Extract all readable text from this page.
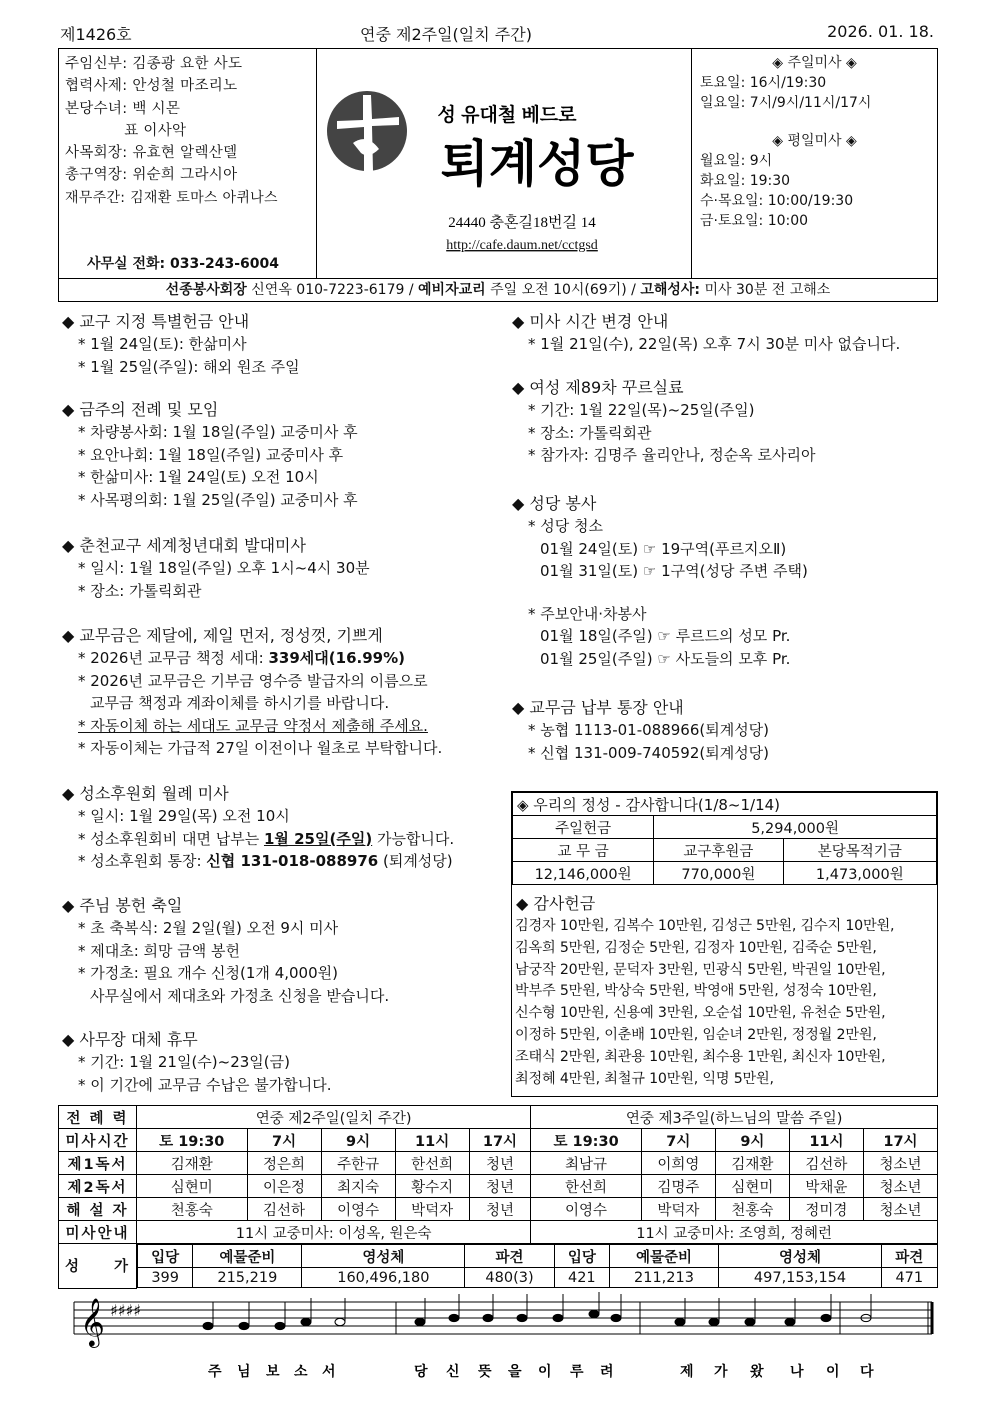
제1426호	연중 제2주일(일치 주간)	2026. 01. 18.
주임신부: 김종광 요한 사도
협력사제: 안성철 마조리노
본당수녀: 백 시몬
　　　　표 이사악
사목회장: 유효현 알렉산델
총구역장: 위순희 그라시아
재무주간: 김재환 토마스 아퀴나스
사무실 전화: 033-243-6004
성 유대철 베드로
퇴계성당
24440 충혼길18번길 14
http://cafe.daum.net/cctgsd
◈ 주일미사 ◈
토요일: 16시/19:30
일요일: 7시/9시/11시/17시
◈ 평일미사 ◈
월요일: 9시
화요일: 19:30
수·목요일: 10:00/19:30
금·토요일: 10:00
선종봉사회장 신연옥 010-7223-6179 / 예비자교리 주일 오전 10시(69기) / 고해성사: 미사 30분 전 고해소
◆ 교구 지정 특별헌금 안내

* 1월 24일(토): 한삶미사

* 1월 25일(주일): 해외 원조 주일

◆ 금주의 전례 및 모임

* 차량봉사회: 1월 18일(주일) 교중미사 후

* 요안나회: 1월 18일(주일) 교중미사 후

* 한삶미사: 1월 24일(토) 오전 10시

* 사목평의회: 1월 25일(주일) 교중미사 후

◆ 춘천교구 세계청년대회 발대미사

* 일시: 1월 18일(주일) 오후 1시~4시 30분

* 장소: 가톨릭회관

◆ 교무금은 제달에, 제일 먼저, 정성껏, 기쁘게

* 2026년 교무금 책정 세대: 339세대(16.99%)

* 2026년 교무금은 기부금 영수증 발급자의 이름으로

교무금 책정과 계좌이체를 하시기를 바랍니다.

* 자동이체 하는 세대도 교무금 약정서 제출해 주세요.

* 자동이체는 가급적 27일 이전이나 월초로 부탁합니다.

◆ 성소후원회 월례 미사

* 일시: 1월 29일(목) 오전 10시

* 성소후원회비 대면 납부는 1월 25일(주일) 가능합니다.

* 성소후원회 통장: 신협 131-018-088976 (퇴계성당)

◆ 주님 봉헌 축일

* 초 축복식: 2월 2일(월) 오전 9시 미사

* 제대초: 희망 금액 봉헌

* 가정초: 필요 개수 신청(1개 4,000원)

사무실에서 제대초와 가정초 신청을 받습니다.

◆ 사무장 대체 휴무

* 기간: 1월 21일(수)~23일(금)

* 이 기간에 교무금 수납은 불가합니다.

◆ 미사 시간 변경 안내

* 1월 21일(수), 22일(목) 오후 7시 30분 미사 없습니다.

◆ 여성 제89차 꾸르실료

* 기간: 1월 22일(목)~25일(주일)

* 장소: 가톨릭회관

* 참가자: 김명주 율리안나, 정순옥 로사리아

◆ 성당 봉사

* 성당 청소

01월 24일(토) ☞ 19구역(푸르지오Ⅱ)

01월 31일(토) ☞ 1구역(성당 주변 주택)

* 주보안내·차봉사

01월 18일(주일) ☞ 루르드의 성모 Pr.

01월 25일(주일) ☞ 사도들의 모후 Pr.

◆ 교무금 납부 통장 안내

* 농협 1113-01-088966(퇴계성당)

* 신협 131-009-740592(퇴계성당)

◈ 우리의 정성 - 감사합니다(1/8~1/14)		
주일헌금	5,294,000원	
교 무 금	교구후원금	본당목적기금
12,146,000원	770,000원	1,473,000원
◆ 감사헌금
김경자 10만원, 김복수 10만원, 김성근 5만원, 김수지 10만원,
김옥희 5만원, 김정순 5만원, 김정자 10만원, 김죽순 5만원,
남궁작 20만원, 문덕자 3만원, 민광식 5만원, 박권일 10만원,
박부주 5만원, 박상숙 5만원, 박영애 5만원, 성정숙 10만원,
신수형 10만원, 신용예 3만원, 오순섭 10만원, 유천순 5만원,
이정하 5만원, 이춘배 10만원, 임순녀 2만원, 정정월 2만원,
조태식 2만원, 최관용 10만원, 최수용 1만원, 최신자 10만원,
최정혜 4만원, 최철규 10만원, 익명 5만원,
전 례 력	연중 제2주일(일치 주간)	연중 제3주일(하느님의 말씀 주일)
미사시간	토 19:30	7시	9시	11시	17시	토 19:30	7시	9시	11시	17시
제1독서	김재환	정은희	주한규	한선희	청년	최남규	이희영	김재환	김선하	청소년
제2독서	심현미	이은정	최지숙	황수지	청년	한선희	김명주	심현미	박채윤	청소년
해 설 자	천홍숙	김선하	이영수	박덕자	청년	이영수	박덕자	천홍숙	정미경	청소년
미사안내	11시 교중미사: 이성옥, 원은숙	11시 교중미사: 조영희, 정혜런
성　　가	
입당	예물준비	영성체	파견	입당	예물준비	영성체	파견
399	215,219	160,496,180	480(3)	421	211,213	497,153,154	471
𝄞 ♯♯♯♯
주 님 보 소 서	당 신 뜻 을 이 루 려	제 가 왔 나 이 다
